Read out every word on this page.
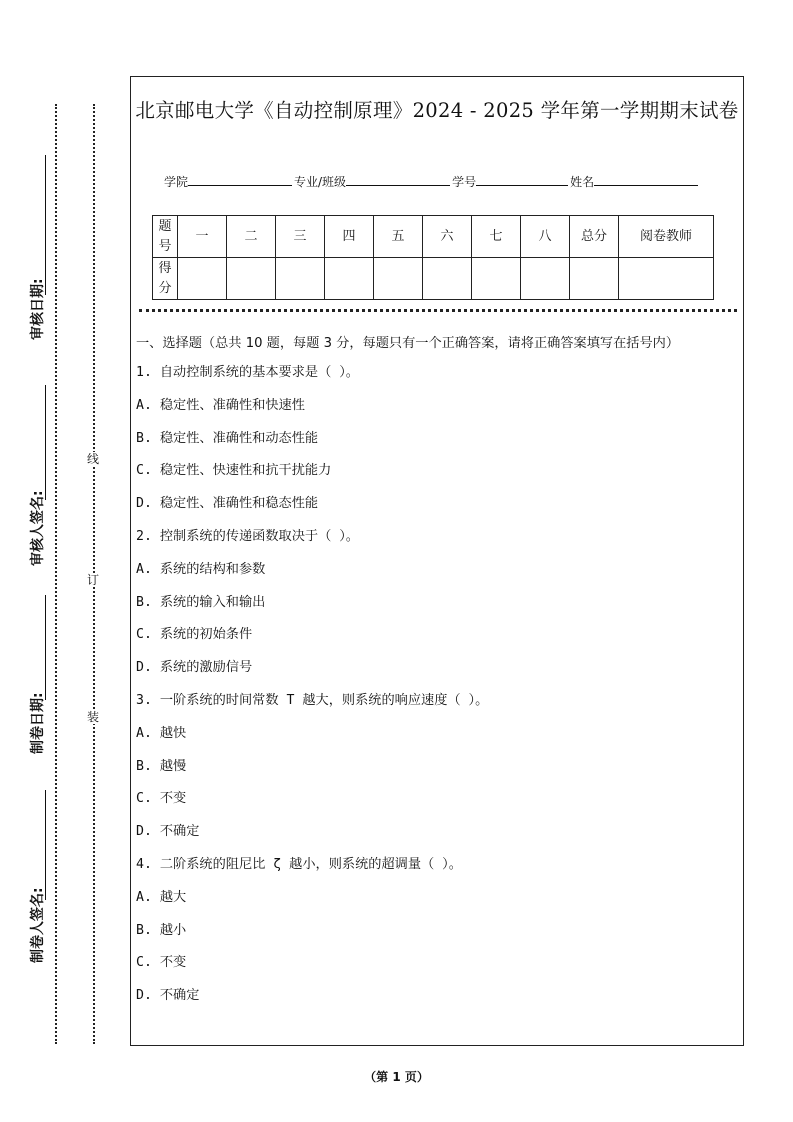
审核日期:
审核人签名:
制卷日期:
制卷人签名:
线
订
装
北京邮电大学《自动控制原理》2024 - 2025 学年第一学期期末试卷
学院	专业/班级	学号	姓名
题号	一	二	三	四	五	六	七	八	总分	阅卷教师
得分										
一、选择题（总共 10 题，每题 3 分，每题只有一个正确答案，请将正确答案填写在括号内）
1. 自动控制系统的基本要求是（ ）。
A. 稳定性、准确性和快速性
B. 稳定性、准确性和动态性能
C. 稳定性、快速性和抗干扰能力
D. 稳定性、准确性和稳态性能
2. 控制系统的传递函数取决于（ ）。
A. 系统的结构和参数
B. 系统的输入和输出
C. 系统的初始条件
D. 系统的激励信号
3. 一阶系统的时间常数 T 越大，则系统的响应速度（ ）。
A. 越快
B. 越慢
C. 不变
D. 不确定
4. 二阶系统的阻尼比 ζ 越小，则系统的超调量（ ）。
A. 越大
B. 越小
C. 不变
D. 不确定
（第 1 页）
